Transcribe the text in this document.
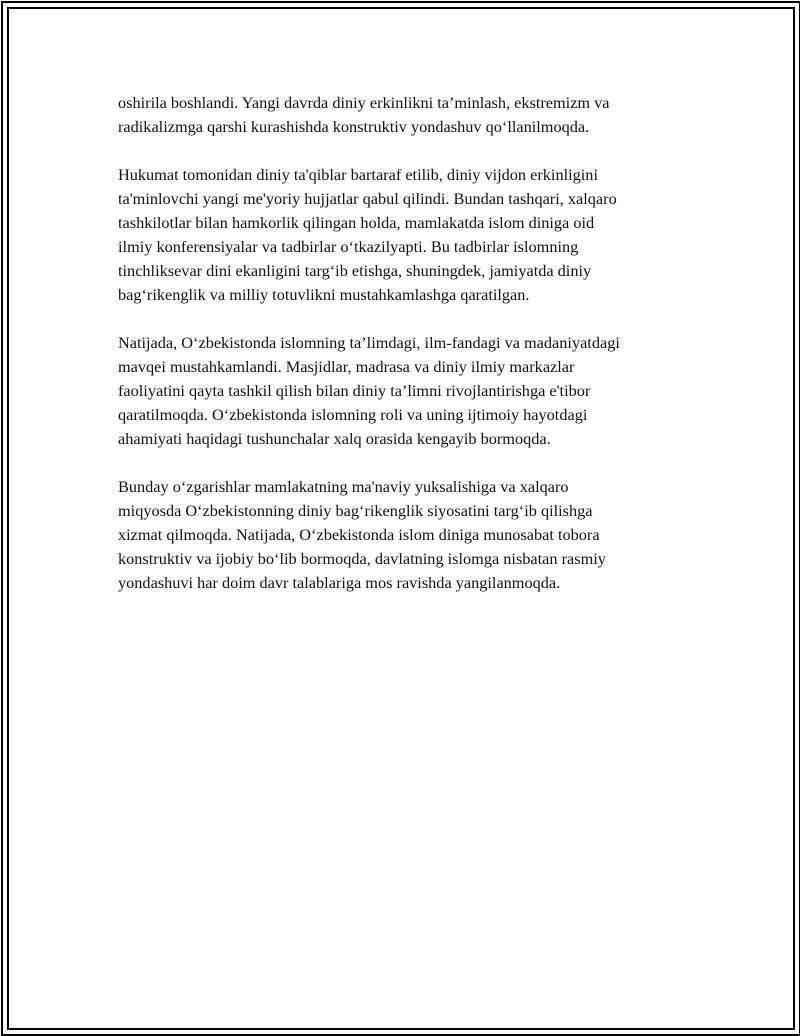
oshirila boshlandi. Yangi davrda diniy erkinlikni ta’minlash, ekstremizm va
radikalizmga qarshi kurashishda konstruktiv yondashuv qo‘llanilmoqda.

Hukumat tomonidan diniy ta'qiblar bartaraf etilib, diniy vijdon erkinligini
ta'minlovchi yangi me'yoriy hujjatlar qabul qilindi. Bundan tashqari, xalqaro
tashkilotlar bilan hamkorlik qilingan holda, mamlakatda islom diniga oid
ilmiy konferensiyalar va tadbirlar o‘tkazilyapti. Bu tadbirlar islomning
tinchliksevar dini ekanligini targ‘ib etishga, shuningdek, jamiyatda diniy
bag‘rikenglik va milliy totuvlikni mustahkamlashga qaratilgan.

Natijada, O‘zbekistonda islomning ta’limdagi, ilm-fandagi va madaniyatdagi
mavqei mustahkamlandi. Masjidlar, madrasa va diniy ilmiy markazlar
faoliyatini qayta tashkil qilish bilan diniy ta’limni rivojlantirishga e'tibor
qaratilmoqda. O‘zbekistonda islomning roli va uning ijtimoiy hayotdagi
ahamiyati haqidagi tushunchalar xalq orasida kengayib bormoqda.

Bunday o‘zgarishlar mamlakatning ma'naviy yuksalishiga va xalqaro
miqyosda O‘zbekistonning diniy bag‘rikenglik siyosatini targ‘ib qilishga
xizmat qilmoqda. Natijada, O‘zbekistonda islom diniga munosabat tobora
konstruktiv va ijobiy bo‘lib bormoqda, davlatning islomga nisbatan rasmiy
yondashuvi har doim davr talablariga mos ravishda yangilanmoqda.
